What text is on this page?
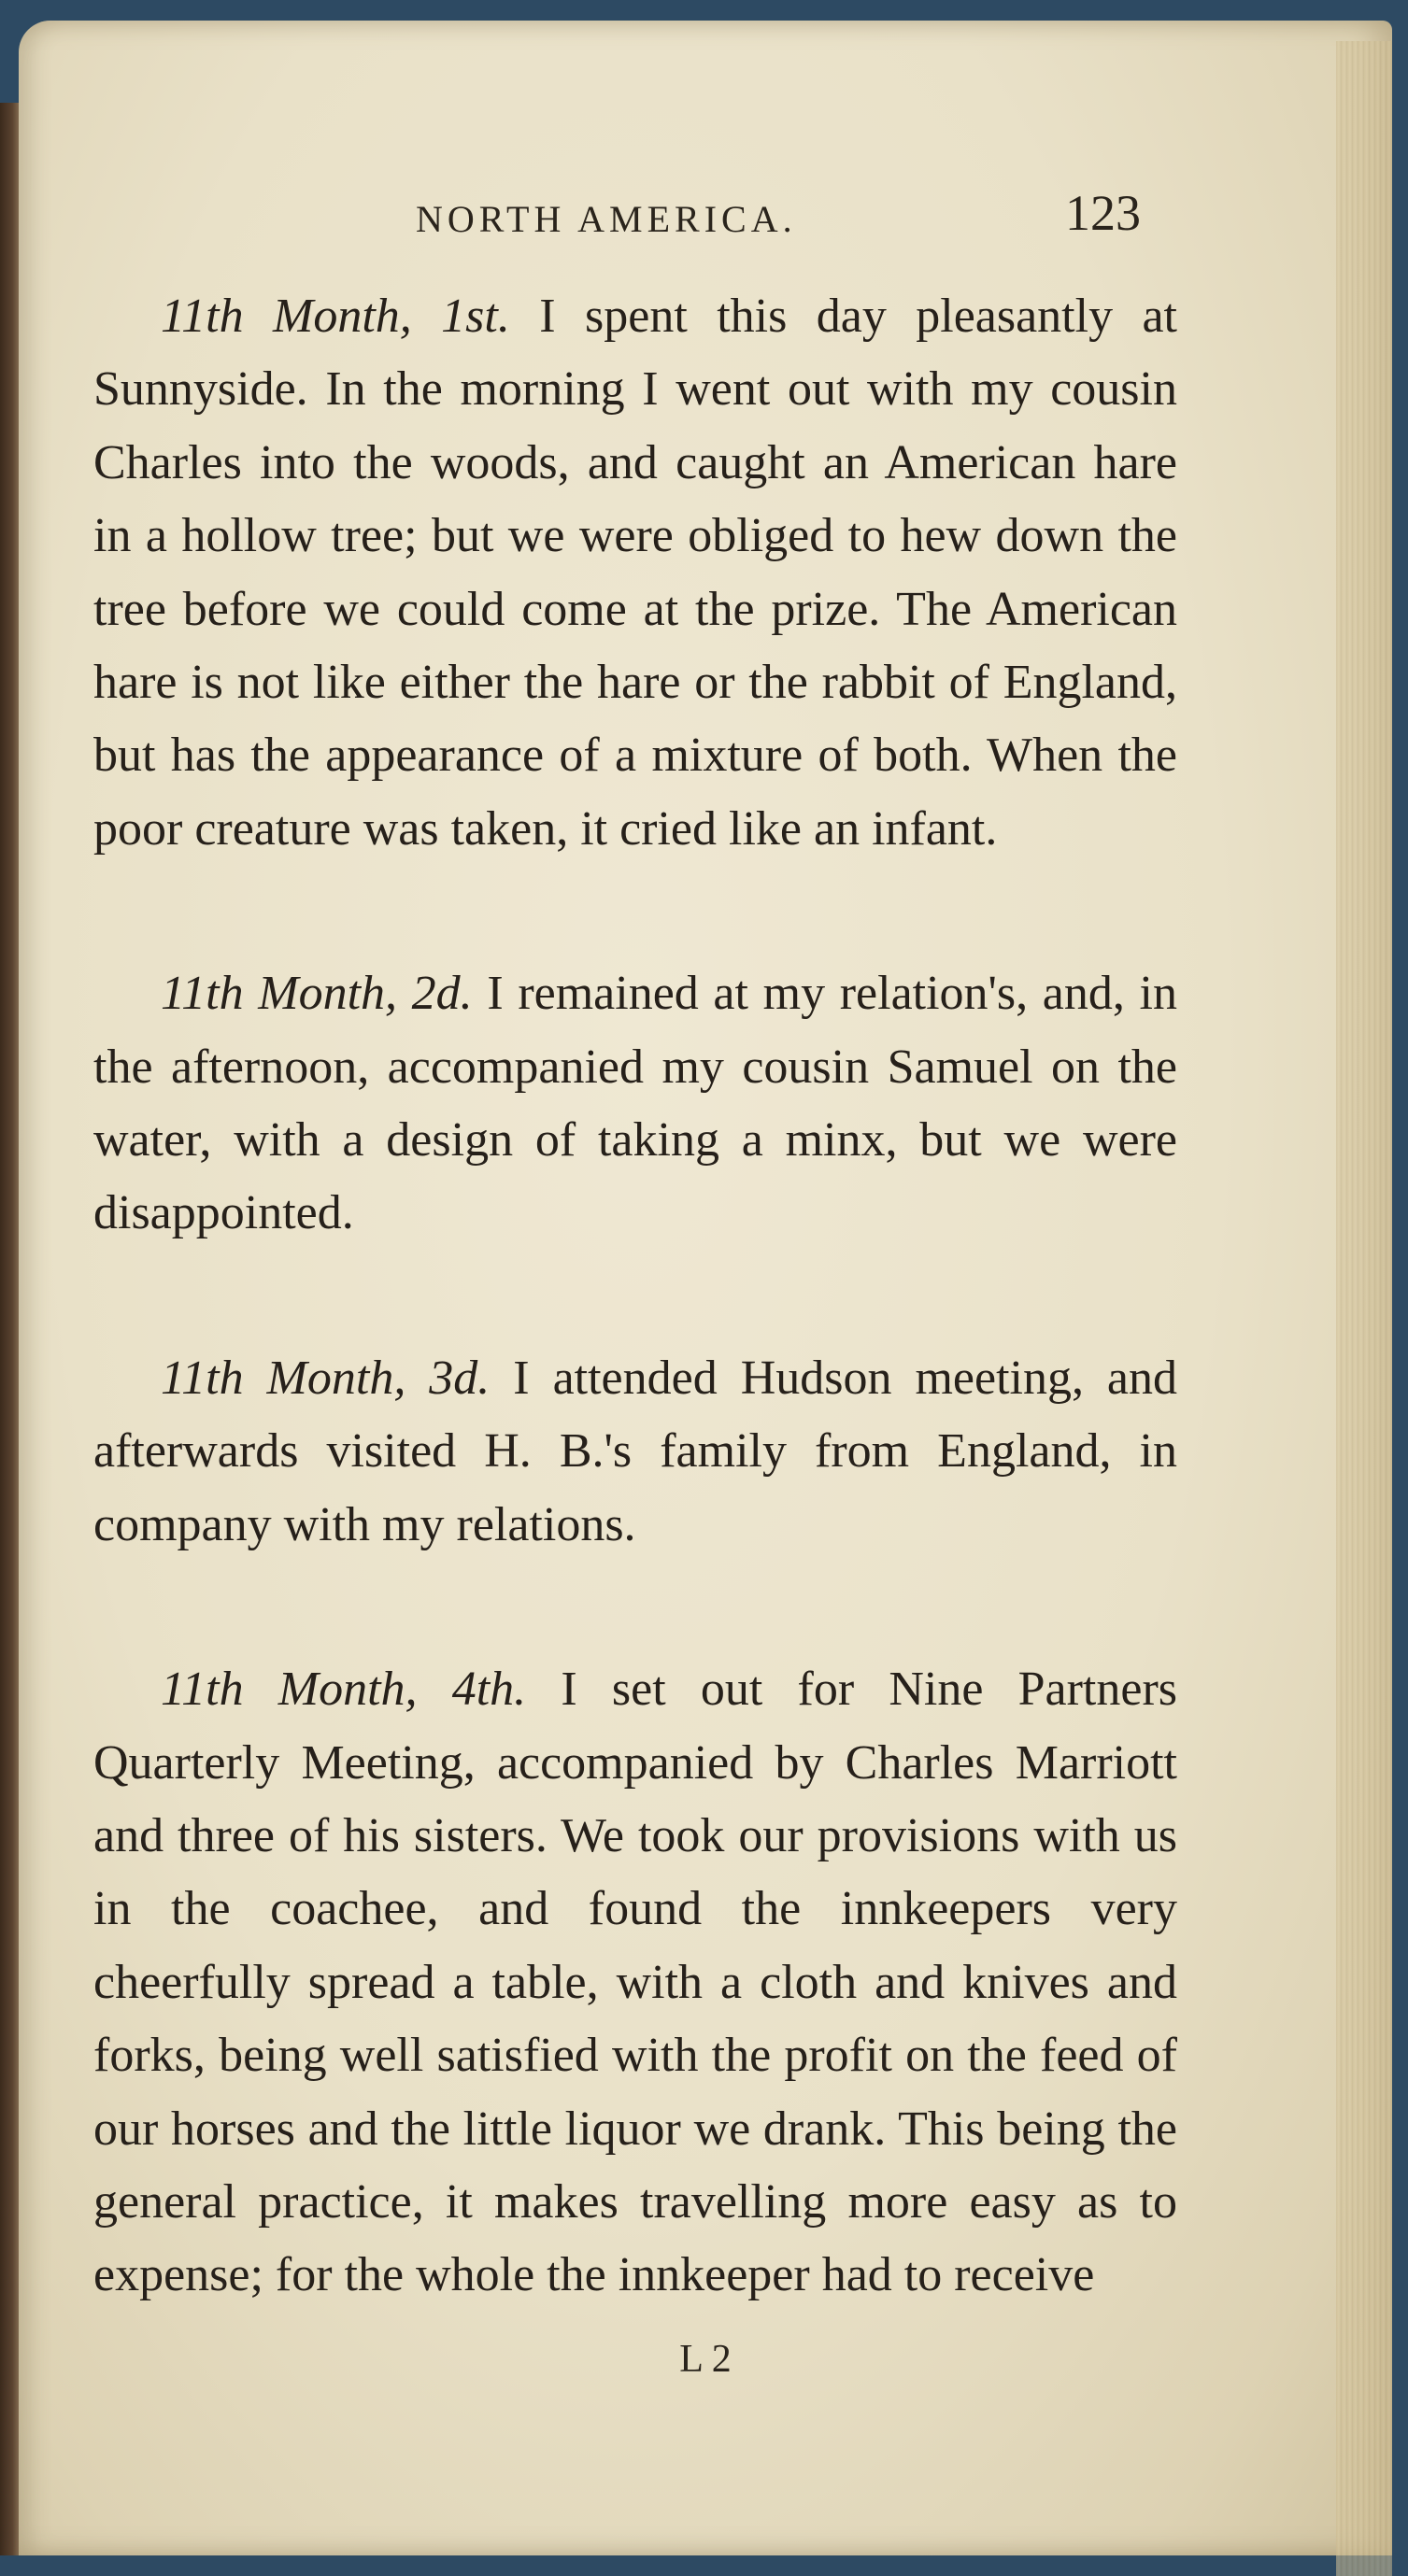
NORTH AMERICA.	123

11th Month, 1st. I spent this day pleasantly at Sunnyside. In the morning I went out with my cousin Charles into the woods, and caught an American hare in a hollow tree; but we were obliged to hew down the tree before we could come at the prize. The American hare is not like either the hare or the rabbit of England, but has the appearance of a mixture of both. When the poor creature was taken, it cried like an infant.

11th Month, 2d. I remained at my relation's, and, in the afternoon, accompanied my cousin Samuel on the water, with a design of taking a minx, but we were disappointed.

11th Month, 3d. I attended Hudson meeting, and afterwards visited H. B.'s family from England, in company with my relations.

11th Month, 4th. I set out for Nine Partners Quarterly Meeting, accompanied by Charles Marriott and three of his sisters. We took our provisions with us in the coachee, and found the innkeepers very cheerfully spread a table, with a cloth and knives and forks, being well satisfied with the profit on the feed of our horses and the little liquor we drank. This being the general practice, it makes travelling more easy as to expense; for the whole the innkeeper had to receive

L 2
